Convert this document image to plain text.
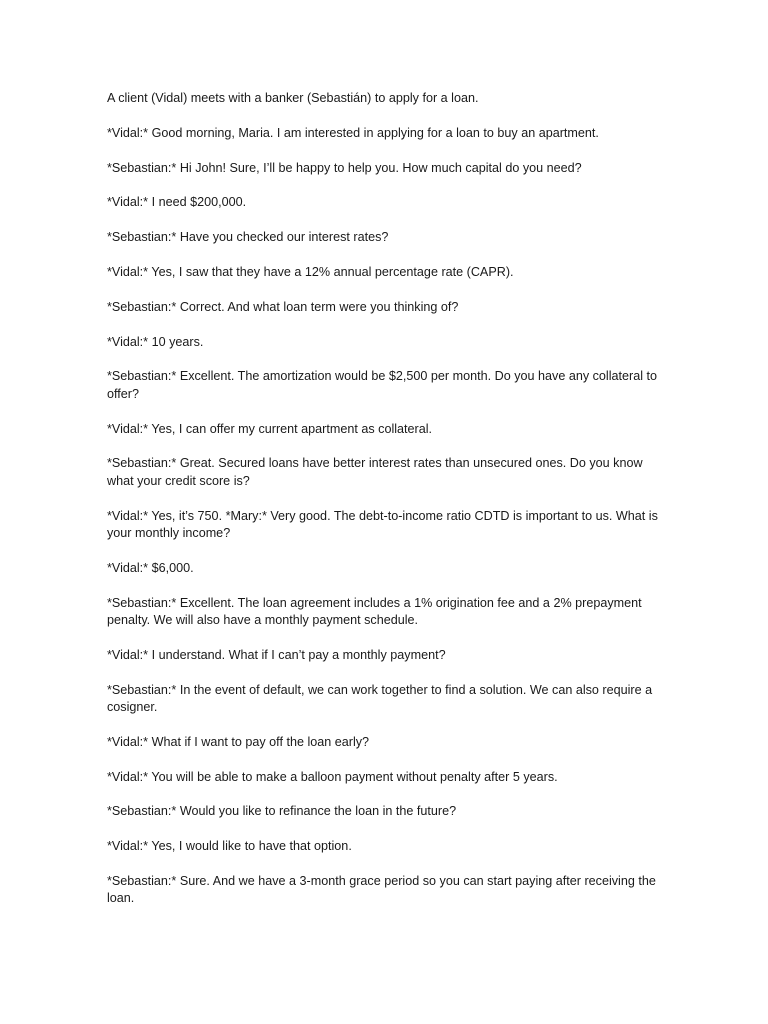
A client (Vidal) meets with a banker (Sebastián) to apply for a loan.

*Vidal:* Good morning, Maria. I am interested in applying for a loan to buy an apartment.

*Sebastian:* Hi John! Sure, I’ll be happy to help you. How much capital do you need?

*Vidal:* I need $200,000.

*Sebastian:* Have you checked our interest rates?

*Vidal:* Yes, I saw that they have a 12% annual percentage rate (CAPR).

*Sebastian:* Correct. And what loan term were you thinking of?

*Vidal:* 10 years.

*Sebastian:* Excellent. The amortization would be $2,500 per month. Do you have any collateral to offer?

*Vidal:* Yes, I can offer my current apartment as collateral.

*Sebastian:* Great. Secured loans have better interest rates than unsecured ones. Do you know what your credit score is?

*Vidal:* Yes, it’s 750. *Mary:* Very good. The debt-to-income ratio CDTD is important to us. What is your monthly income?

*Vidal:* $6,000.

*Sebastian:* Excellent. The loan agreement includes a 1% origination fee and a 2% prepayment penalty. We will also have a monthly payment schedule.

*Vidal:* I understand. What if I can’t pay a monthly payment?

*Sebastian:* In the event of default, we can work together to find a solution. We can also require a cosigner.

*Vidal:* What if I want to pay off the loan early?

*Vidal:* You will be able to make a balloon payment without penalty after 5 years.

*Sebastian:* Would you like to refinance the loan in the future?

*Vidal:* Yes, I would like to have that option.

*Sebastian:* Sure. And we have a 3-month grace period so you can start paying after receiving the loan.
